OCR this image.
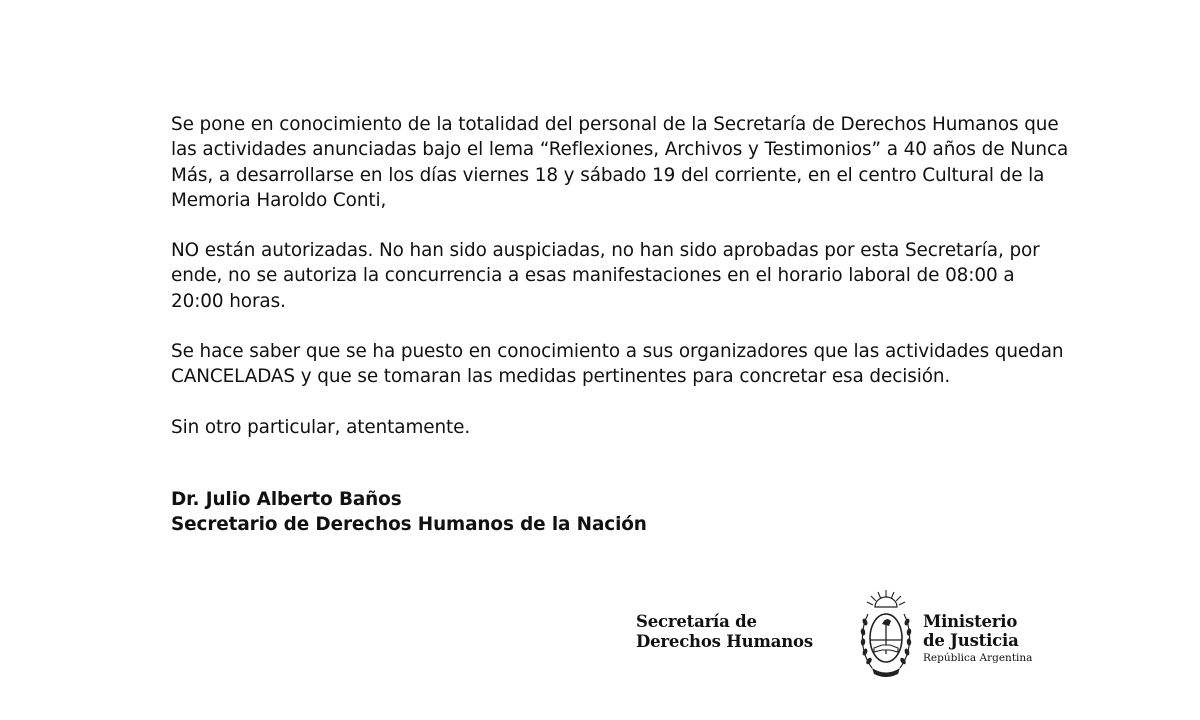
Se pone en conocimiento de la totalidad del personal de la Secretaría de Derechos Humanos que las actividades anunciadas bajo el lema “Reflexiones, Archivos y Testimonios” a 40 años de Nunca Más, a desarrollarse en los días viernes 18 y sábado 19 del corriente, en el centro Cultural de la Memoria Haroldo Conti,

NO están autorizadas. No han sido auspiciadas, no han sido aprobadas por esta Secretaría, por ende, no se autoriza la concurrencia a esas manifestaciones en el horario laboral de 08:00 a 20:00 horas.

Se hace saber que se ha puesto en conocimiento a sus organizadores que las actividades quedan CANCELADAS y que se tomaran las medidas pertinentes para concretar esa decisión.

Sin otro particular, atentamente.

Dr. Julio Alberto Baños
Secretario de Derechos Humanos de la Nación
Secretaría de
Derechos Humanos
Ministerio
de Justicia
República Argentina
